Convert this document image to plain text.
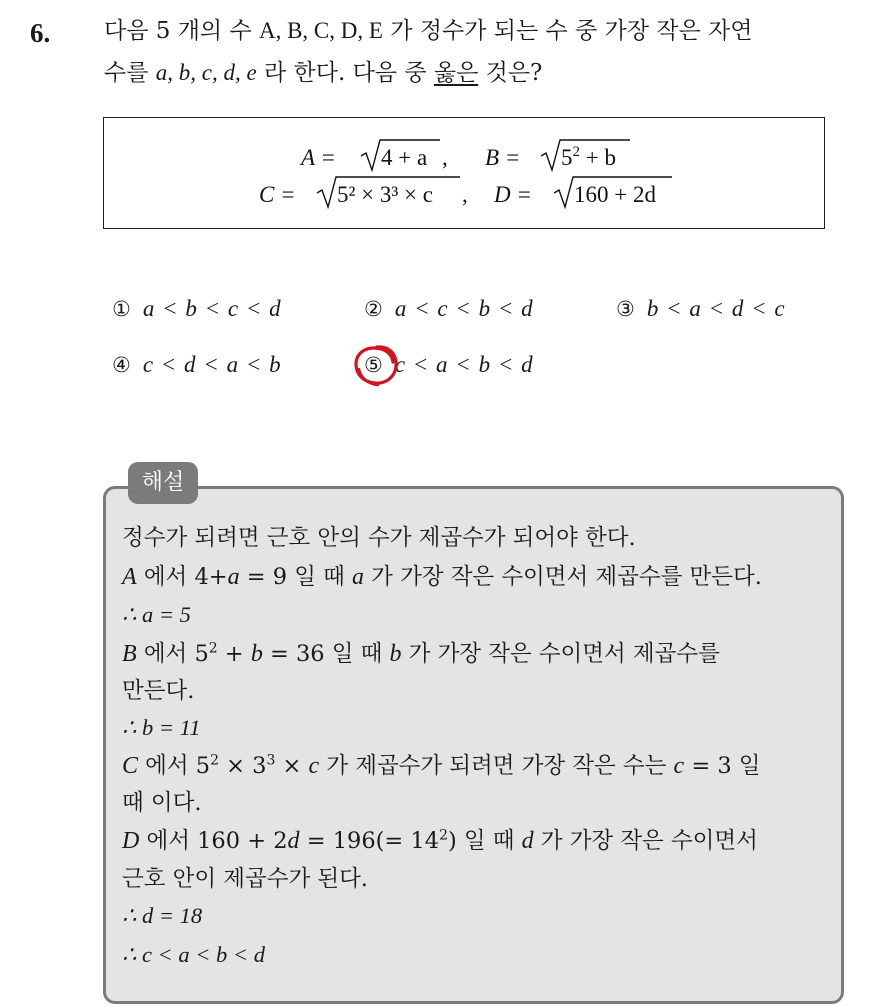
6. 다음 5 개의 수 A, B, C, D, E 가 정수가 되는 수 중 가장 작은 자연
수를 a, b, c, d, e 라 한다. 다음 중 옳은 것은?
A = 4 + a , $B = 5^2 + b$
C = 5² × 3³ × c , D = 160 + 2d
① a < b < c < d	② a < c < b < d	③ b < a < d < c
④ c < d < a < b	⑤ c < a < b < d
해설
정수가 되려면 근호 안의 수가 제곱수가 되어야 한다.
A 에서 4+a = 9 일 때 a 가 가장 작은 수이면서 제곱수를 만든다.
∴ a = 5
B 에서 $5^2 + b = 36$ 일 때 b 가 가장 작은 수이면서 제곱수를
만든다.
∴ b = 11
C 에서 $5^2 \times 3^3 \times c$ 가 제곱수가 되려면 가장 작은 수는 c = 3 일
때 이다.
D 에서 $160 + 2d = 196(= 14^2)$ 일 때 d 가 가장 작은 수이면서
근호 안이 제곱수가 된다.
∴ d = 18
∴ c < a < b < d
